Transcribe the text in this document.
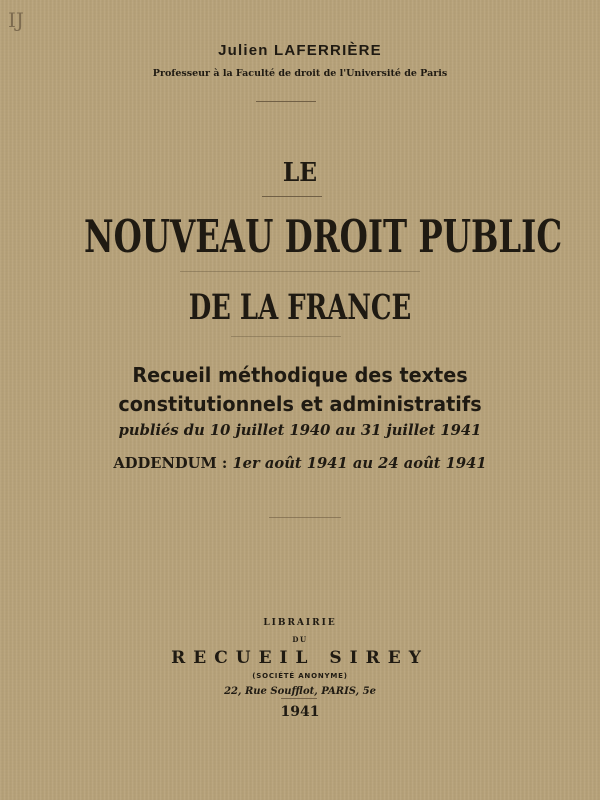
IJ
Julien LAFERRIÈRE
Professeur à la Faculté de droit de l'Université de Paris
LE
NOUVEAU DROIT PUBLIC
DE LA FRANCE
Recueil méthodique des textes
constitutionnels et administratifs
publiés du 10 juillet 1940 au 31 juillet 1941
ADDENDUM : 1er août 1941 au 24 août 1941
LIBRAIRIE
DU
RECUEIL SIREY
(SOCIÉTÉ ANONYME)
22, Rue Soufflot, PARIS, 5e
1941
